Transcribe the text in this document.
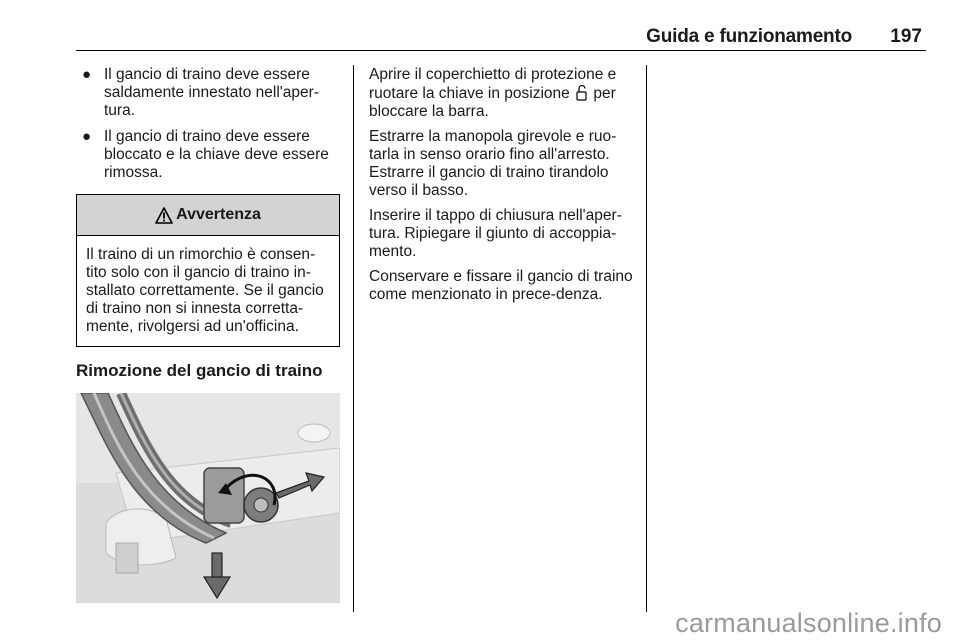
Guida e funzionamento 197
● Il gancio di traino deve essere saldamente innestato nell'aper-tura.
● Il gancio di traino deve essere bloccato e la chiave deve essere rimossa.
Avvertenza
Il traino di un rimorchio è consen-tito solo con il gancio di traino in-stallato correttamente. Se il gancio di traino non si innesta corretta-mente, rivolgersi ad un'officina.
Rimozione del gancio di traino

Aprire il coperchietto di protezione e ruotare la chiave in posizione per bloccare la barra.

Estrarre la manopola girevole e ruo-tarla in senso orario fino all'arresto. Estrarre il gancio di traino tirandolo verso il basso.

Inserire il tappo di chiusura nell'aper-tura. Ripiegare il giunto di accoppia-mento.

Conservare e fissare il gancio di traino come menzionato in prece-denza.

carmanualsonline.info
